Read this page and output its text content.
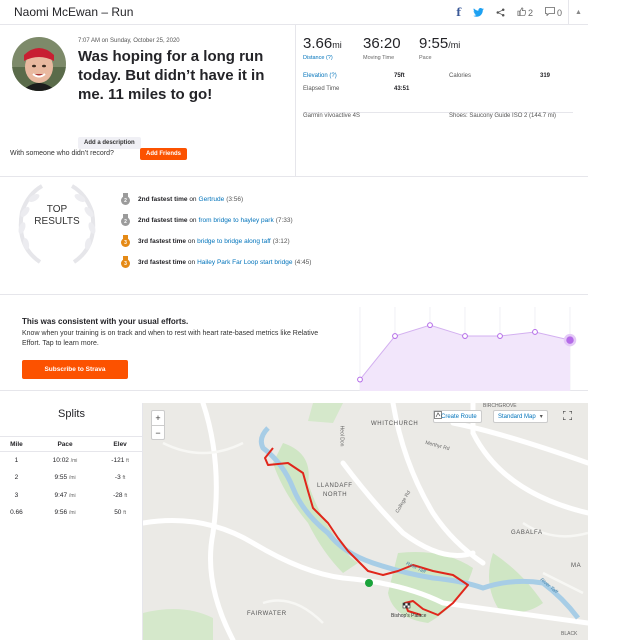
Naomi McEwan – Run	f	2	0	▲
7:07 AM on Sunday, October 25, 2020
Was hoping for a long run today. But didn’t have it in me. 11 miles to go!
Add a description
With someone who didn’t record?	Add Friends
3.66mi
Distance (?)
36:20
Moving Time
9:55/mi
Pace
Elevation (?)	75ft	Calories	319
Elapsed Time	43:51
Garmin vívoactive 4S	Shoes: Saucony Guide ISO 2 (144.7 mi)
TOP
RESULTS
2	2nd fastest time
on Gertrude (3:56)
2	2nd fastest time
on from bridge to hayley park (7:33)
3	3rd fastest time
on bridge to bridge along taff (3:12)
3	3rd fastest time
on Hailey Park Far Loop start bridge (4:45)
This was consistent with your usual efforts.

Know when your training is on track and when to rest with heart rate-based metrics like Relative Effort. Tap to learn more.

Subscribe to Strava
Splits
Mile	Pace	Elev
1	10:02 /mi	-121 ft
2	9:55 /mi	-3 ft
3	9:47 /mi	-28 ft
0.66	9:56 /mi	50 ft
+
−
Create Route	Standard Map ▾
WHITCHURCH
LLANDAFF
NORTH
GABALFA
FAIRWATER	Bishop's Palace
BIRCHGROVE
River Taff
River Taff
Merthyr Rd
College Rd
Heol Don
MA
BLACK
